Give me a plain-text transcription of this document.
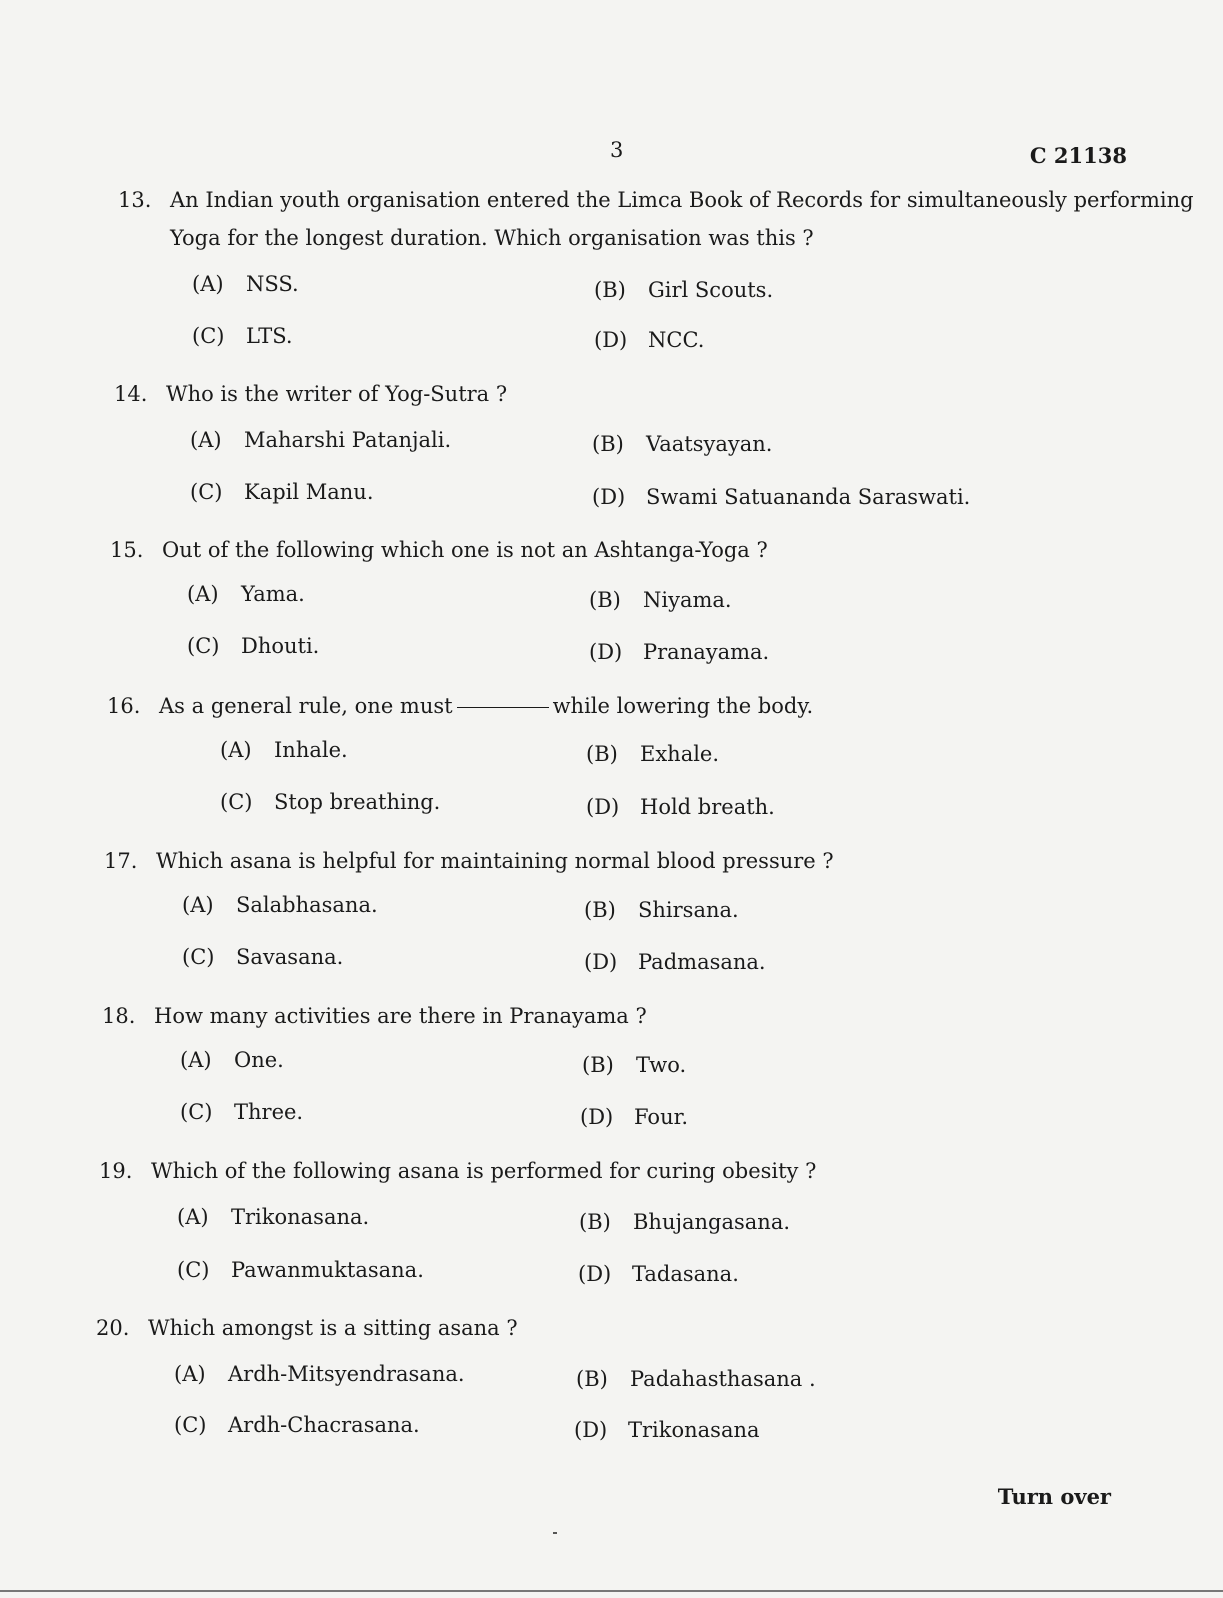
3	C 21138
13. An Indian youth organisation entered the Limca Book of Records for simultaneously performing
Yoga for the longest duration. Which organisation was this ?
(A) NSS.	(B) Girl Scouts.
(C) LTS.	(D) NCC.
14. Who is the writer of Yog-Sutra ?
(A) Maharshi Patanjali.	(B) Vaatsyayan.
(C) Kapil Manu.	(D) Swami Satuananda Saraswati.
15. Out of the following which one is not an Ashtanga-Yoga ?
(A) Yama.	(B) Niyama.
(C) Dhouti.	(D) Pranayama.
16. As a general rule, one must	while lowering the body.
(A) Inhale.	(B) Exhale.
(C) Stop breathing.	(D) Hold breath.
17. Which asana is helpful for maintaining normal blood pressure ?
(A) Salabhasana.	(B) Shirsana.
(C) Savasana.	(D) Padmasana.
18. How many activities are there in Pranayama ?
(A) One.	(B) Two.
(C) Three.	(D) Four.
19. Which of the following asana is performed for curing obesity ?
(A) Trikonasana.	(B) Bhujangasana.
(C) Pawanmuktasana.	(D) Tadasana.
20. Which amongst is a sitting asana ?
(A) Ardh-Mitsyendrasana.	(B) Padahasthasana .
(C) Ardh-Chacrasana.	(D) Trikonasana
Turn over
